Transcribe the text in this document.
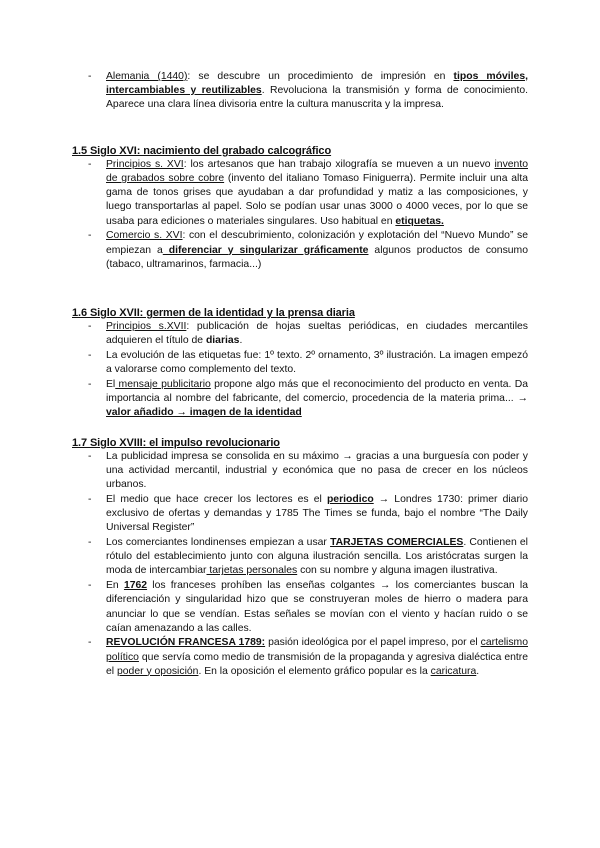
- Alemania (1440): se descubre un procedimiento de impresión en tipos móviles, intercambiables y reutilizables. Revoluciona la transmisión y forma de conocimiento. Aparece una clara línea divisoria entre la cultura manuscrita y la impresa.
1.5 Siglo XVI: nacimiento del grabado calcográfico
- Principios s. XVI: los artesanos que han trabajo xilografía se mueven a un nuevo invento de grabados sobre cobre (invento del italiano Tomaso Finiguerra). Permite incluir una alta gama de tonos grises que ayudaban a dar profundidad y matiz a las composiciones, y luego transportarlas al papel. Solo se podían usar unas 3000 o 4000 veces, por lo que se usaba para ediciones o materiales singulares. Uso habitual en etiquetas.
- Comercio s. XVI: con el descubrimiento, colonización y explotación del “Nuevo Mundo” se empiezan a diferenciar y singularizar gráficamente algunos productos de consumo (tabaco, ultramarinos, farmacia...)
1.6 Siglo XVII: germen de la identidad y la prensa diaria
- Principios s.XVII: publicación de hojas sueltas periódicas, en ciudades mercantiles adquieren el título de diarias.
- La evolución de las etiquetas fue: 1º texto. 2º ornamento, 3º ilustración. La imagen empezó a valorarse como complemento del texto.
- El mensaje publicitario propone algo más que el reconocimiento del producto en venta. Da importancia al nombre del fabricante, del comercio, procedencia de la materia prima... → valor añadido → imagen de la identidad
1.7 Siglo XVIII: el impulso revolucionario
- La publicidad impresa se consolida en su máximo → gracias a una burguesía con poder y una actividad mercantil, industrial y económica que no pasa de crecer en los núcleos urbanos.
- El medio que hace crecer los lectores es el periodico → Londres 1730: primer diario exclusivo de ofertas y demandas y 1785 The Times se funda, bajo el nombre “The Daily Universal Register”
- Los comerciantes londinenses empiezan a usar TARJETAS COMERCIALES. Contienen el rótulo del establecimiento junto con alguna ilustración sencilla. Los aristócratas surgen la moda de intercambiar tarjetas personales con su nombre y alguna imagen ilustrativa.
- En 1762 los franceses prohíben las enseñas colgantes → los comerciantes buscan la diferenciación y singularidad hizo que se construyeran moles de hierro o madera para anunciar lo que se vendían. Estas señales se movían con el viento y hacían ruido o se caían amenazando a las calles.
- REVOLUCIÓN FRANCESA 1789: pasión ideológica por el papel impreso, por el cartelismo político que servía como medio de transmisión de la propaganda y agresiva dialéctica entre el poder y oposición. En la oposición el elemento gráfico popular es la caricatura.
